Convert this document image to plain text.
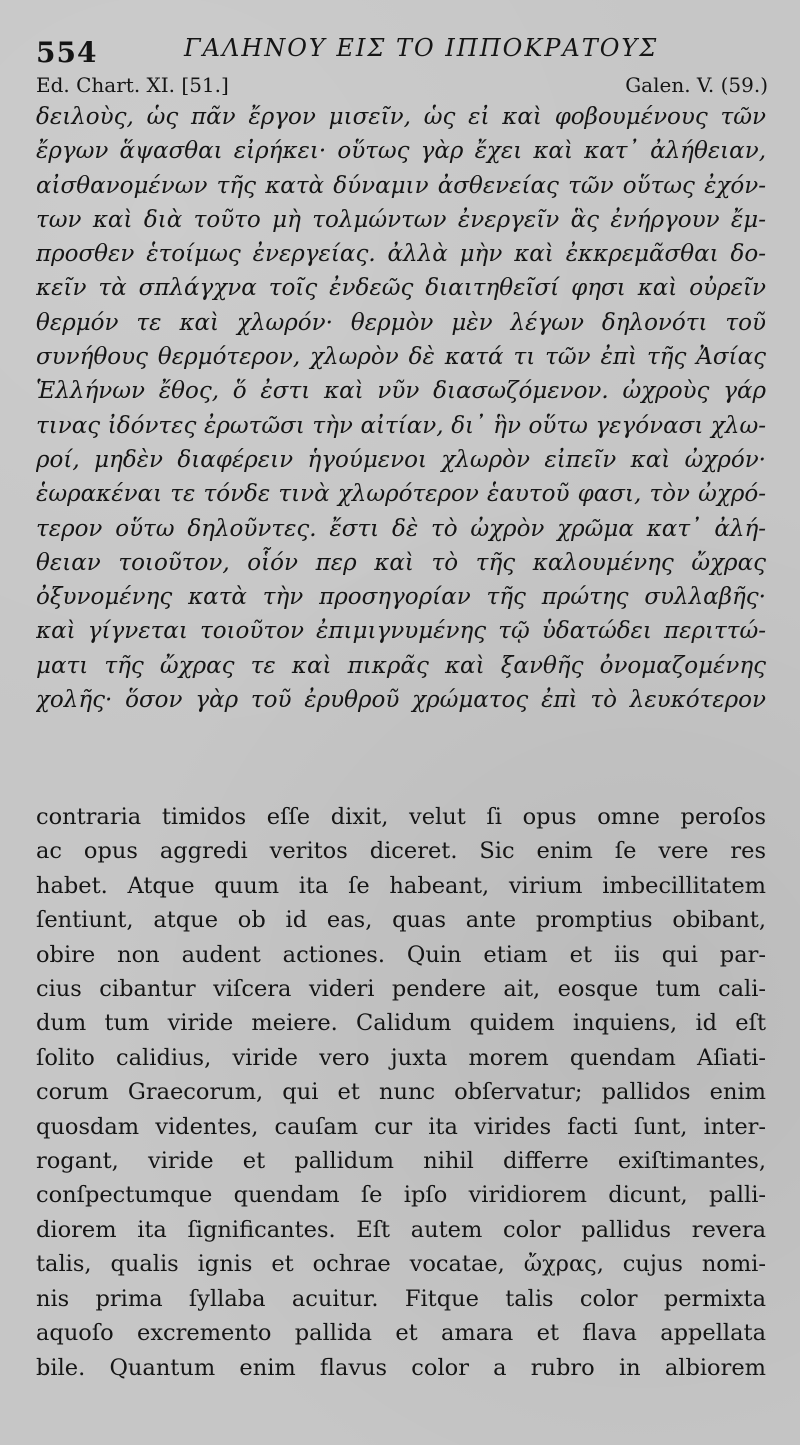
554	ΓΑΛΗΝΟΥ ΕΙΣ ΤΟ ΙΠΠΟΚΡΑΤΟΥΣ
Ed. Chart. XI. [51.]	Galen. V. (59.)
δειλοὺς, ὡς πᾶν ἔργον μισεῖν, ὡς εἰ καὶ φοβουμένους τῶν
ἔργων ἅψασθαι εἰρήκει· οὕτως γὰρ ἔχει καὶ κατ᾽ ἀλήθειαν,
αἰσθανομένων τῆς κατὰ δύναμιν ἀσθενείας τῶν οὕτως ἐχόν-
των καὶ διὰ τοῦτο μὴ τολμώντων ἐνεργεῖν ἃς ἐνήργουν ἔμ-
προσθεν ἑτοίμως ἐνεργείας. ἀλλὰ μὴν καὶ ἐκκρεμᾶσθαι δο-
κεῖν τὰ σπλάγχνα τοῖς ἐνδεῶς διαιτηθεῖσί φησι καὶ οὐρεῖν
θερμόν τε καὶ χλωρόν· θερμὸν μὲν λέγων δηλονότι τοῦ
συνήθους θερμότερον, χλωρὸν δὲ κατά τι τῶν ἐπὶ τῆς Ἀσίας
Ἑλλήνων ἔθος, ὅ ἐστι καὶ νῦν διασωζόμενον. ὠχροὺς γάρ
τινας ἰδόντες ἐρωτῶσι τὴν αἰτίαν, δι᾽ ἣν οὕτω γεγόνασι χλω-
ροί, μηδὲν διαφέρειν ἡγούμενοι χλωρὸν εἰπεῖν καὶ ὠχρόν·
ἑωρακέναι τε τόνδε τινὰ χλωρότερον ἑαυτοῦ φασι, τὸν ὠχρό-
τερον οὕτω δηλοῦντες. ἔστι δὲ τὸ ὠχρὸν χρῶμα κατ᾽ ἀλή-
θειαν τοιοῦτον, οἷόν περ καὶ τὸ τῆς καλουμένης ὤχρας
ὀξυνομένης κατὰ τὴν προσηγορίαν τῆς πρώτης συλλαβῆς·
καὶ γίγνεται τοιοῦτον ἐπιμιγνυμένης τῷ ὑδατώδει περιττώ-
ματι τῆς ὤχρας τε καὶ πικρᾶς καὶ ξανθῆς ὀνομαζομένης
χολῆς· ὅσον γὰρ τοῦ ἐρυθροῦ χρώματος ἐπὶ τὸ λευκότερον
contraria timidos eſſe dixit, velut ſi opus omne peroſos
ac opus aggredi veritos diceret. Sic enim ſe vere res
habet. Atque quum ita ſe habeant, virium imbecillitatem
ſentiunt, atque ob id eas, quas ante promptius obibant,
obire non audent actiones. Quin etiam et iis qui par-
cius cibantur viſcera videri pendere ait, eosque tum cali-
dum tum viride meiere. Calidum quidem inquiens, id eſt
ſolito calidius, viride vero juxta morem quendam Aſiati-
corum Graecorum, qui et nunc obſervatur; pallidos enim
quosdam videntes, cauſam cur ita virides facti ſunt, inter-
rogant, viride et pallidum nihil differre exiſtimantes,
conſpectumque quendam ſe ipſo viridiorem dicunt, palli-
diorem ita ſignificantes. Eſt autem color pallidus revera
talis, qualis ignis et ochrae vocatae, ὤχρας, cujus nomi-
nis prima ſyllaba acuitur. Fitque talis color permixta
aquoſo excremento pallida et amara et flava appellata
bile. Quantum enim flavus color a rubro in albiorem
